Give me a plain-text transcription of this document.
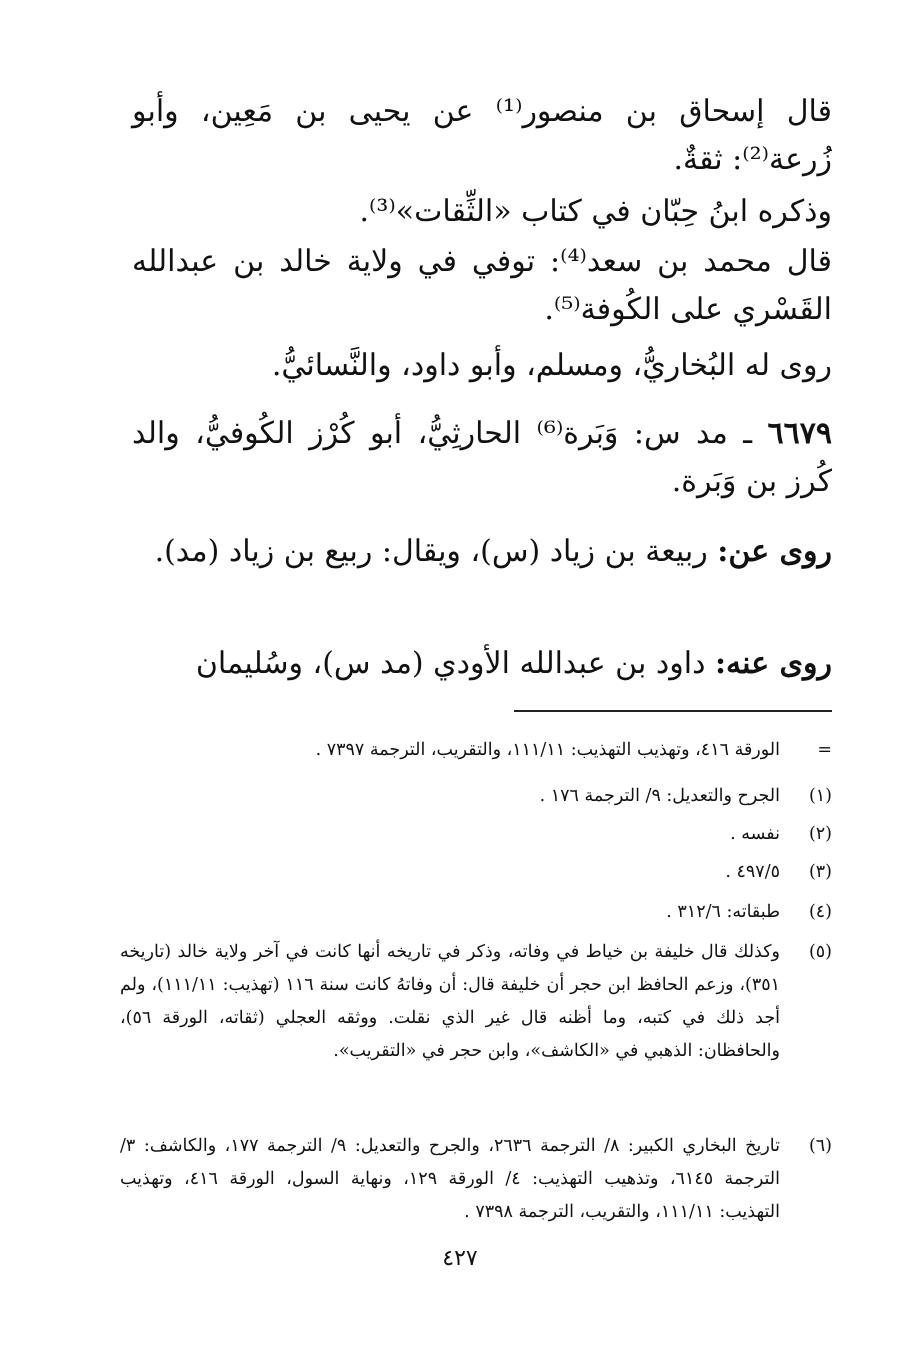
قال إسحاق بن منصور⁽¹⁾ عن يحيى بن مَعِين، وأبو زُرعة⁽²⁾: ثقةٌ.

وذكره ابنُ حِبّان في كتاب «الثِّقات»⁽³⁾.

قال محمد بن سعد⁽⁴⁾: توفي في ولاية خالد بن عبدالله القَسْري على الكُوفة⁽⁵⁾.

روى له البُخاريُّ، ومسلم، وأبو داود، والنَّسائيُّ.

٦٦٧٩ ـ مد س: وَبَرة⁽⁶⁾ الحارثِيُّ، أبو كُرْز الكُوفيُّ، والد كُرز بن وَبَرة.

روى عن: ربيعة بن زياد (س)، ويقال: ربيع بن زياد (مد).

روى عنه: داود بن عبدالله الأودي (مد س)، وسُليمان

=
الورقة ٤١٦، وتهذيب التهذيب: ١١١/١١، والتقريب، الترجمة ٧٣٩٧ .
(١)
الجرح والتعديل: ٩/ الترجمة ١٧٦ .
(٢)
نفسه .
(٣)
٤٩٧/٥ .
(٤)
طبقاته: ٣١٢/٦ .
(٥)
وكذلك قال خليفة بن خياط في وفاته، وذكر في تاريخه أنها كانت في آخر ولاية خالد (تاريخه ٣٥١)، وزعم الحافظ ابن حجر أن خليفة قال: أن وفاتهُ كانت سنة ١١٦ (تهذيب: ١١١/١١)، ولم أجد ذلك في كتبه، وما أظنه قال غير الذي نقلت. ووثقه العجلي (ثقاته، الورقة ٥٦)، والحافظان: الذهبي في «الكاشف»، وابن حجر في «التقريب».
(٦)
تاريخ البخاري الكبير: ٨/ الترجمة ٢٦٣٦، والجرح والتعديل: ٩/ الترجمة ١٧٧، والكاشف: ٣/ الترجمة ٦١٤٥، وتذهيب التهذيب: ٤/ الورقة ١٢٩، ونهاية السول، الورقة ٤١٦، وتهذيب التهذيب: ١١١/١١، والتقريب، الترجمة ٧٣٩٨ .
٤٢٧
